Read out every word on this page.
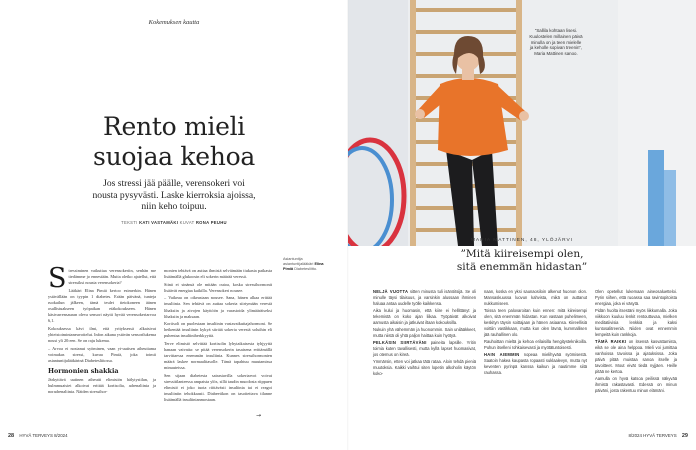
Kokemuksen kautta
Rento mieli
suojaa kehoa
Jos stressi jää päälle, verensokeri voi
nousta pysyvästi. Laske kierroksia ajoissa,
niin keho toipuu.
TEKSTI KATI VASTAMÄKI KUVAT RONA PEUHU

Stressiminen vaikuttaa verensokeriin, senhän me tiedämme jo ennestään. Mutta oletko ajatellut, että stressiksi nousta verensokeria?

Lääkäri Elina Pimiä kertoo esimerkin. Hänen ystävällään on tyypin 1 diabetes. Erään päivänä, tunteja ruokailun jälkeen, tämä teulet tietokoneen äänen osallistuakseen työpaikan etäkokoukseen. Hänen käsivarrensauran oleva sensori näytti hyvää verensokeriarvoa 6,1.

Kokouksessa kävi ilmi, että yrityksessä alkaisivat yhteistoimintaneuvottelut. Infon aikana ystävän sensorilukema nousi yli 20:een. Se on raju lukema.

– Arvoa ei nostanut syöminen, vaan yt-uutisen aiheuttama voimakas stressi, kuvaa Pimiä, joka toimii asiantuntijalääkärinä Diabetesliitossa.

Hormonien shakkia

Järkyttävä uutinen aiheutti elimistön hälytystilan, ja hulmmuaisiet alkoivat erittää kortisolia, adrenaliinia ja noradrenaliinia. Näiden stressihor-

monien tehtävä on auttaa ihmistä selviämään tiukasta paikasta lisäämällä glukoosin eli sokerin määrää veressä.

Siinä ei sinänsä ole mitään outoa, koska stressihormonit lisäävät energiaa kaikilla. Verensokeri nousee.

– Vaikeaa on oikeastaan nousee. Sana, hänen alkaa erittää insuliinia. Sen tehtävä on auttaa sokeria siirtymään verestä lihaksiin ja aivojen käyttöön ja varastoida ylimääräiseksi lihaksiin ja maksaan.

Kortisoli on puolestaan insuliinin vastavaikuttajahormoni. Se heikentää insuliinin kykyä siirtää sokeria verestä soluihin eli puhentaa insuliiniherkkyyttä.

Terve elimistö selvittää kortisolin lyhytaikaisesta tyhjyyttä hanaan vaivatta: se pitää verensokerin tasaisena erittämällä tarvittaessa enemmän insuliinia. Kunnes stressihormonien määrä laskee normaalitasolle. Tämä tapahtuu muutamissa minuuteissa.

Sen sijaan diabetesta sairastavilla sokeriarvot voivat stressitilanteessa ampaista ylös, sillä taudin muodosta riippuen elimistö ei joko tuota riittävästi insuliinia tai ei reagoi insuliiniin tehokkaasti. Diabeetikon on tasoitettava tilanne lisäämällä insuliinianmostaan.

Asiantuntija asiantuntijalääkäri Elina Pimiä Diabetesliitto.
→
28 HYVÄ TERVEYS 8/2024
”Sallila kohtaan lisesi. Kuulostelen millainen päivä minulla on ja teen mielelle ja keholle sopivan treenin”, Maria Mattinen sanoo.
MARIA MATTINEN, 48, YLÖJÄRVI
”Mitä kiireisempi olen,
sitä enemmän hidastan”

NELJÄ VUOTTA sitten minusta tuli isänöitsijä. Se oli minulle täysi tilaisuus, ja varsinkin alussaan ihminen haluaa antaa uudelle työlle kaikkensa.

Aika kului ja huomasin, että kiire ei hellittänyt ja tekemistä on koko ajan liikaa. Työpäivät alkoivat aamusta aikaisin ja jatkuivat iltaan kokouksilla.

Nukuin yhä vähemmän ja huonommin. Sain unilääkkeet, mutta niistä oli yhtä paljon haittaa kuin hyötyä.

PELKÄSIN SIIRTÄVÄNI paineita lapsille. Yritin toimia kuten tavallisesti, mutta kyllä lapset huomasivat, jos otemus on kireä.

Ymmärsin, etten voi jatkaa tätä rataa. Aloin tehdä pieniä muutoksia. Kaikki vaihtui siten lopetin alkoholin käytön koko-

naan, koska en yksi saunaosiloin alkenut huonon olon. Mansaskuussa luovun kahvista, mikä on auttanut nukkumiseen.

Toissa teen palovaroitan kuin ennen: mitä kiireisempi olen, sitä enemmän hidastan. Kun vastaan puhelimeen, keskityn täysin soittajaan ja hänen asiaansa. Kiireellisiä voittiin vastikkaan, mutta kun olen lävnä, kummallisen jää rauhallinen olo.

Rauhoittan mieltä ja kehoa erilaisilla hengitysteknikoilla. Puhun itselleni rohkaisevasti ja myötätuntoisesti.

HAIN AIEMMIN nopeaa mielihyvää syömisestä. Saatoin hakea kaupasta ropaasti suklaalevyn, mutta nyt keventen pyrinpä kanssa kaikun ja nautimme siitä rauhassa.

Olen opetellut lukemaan aineosaluetteloi. Pyrin siihen, että ruoassa saa ravintopitoista energiaa, joka ei väsytä.

Pidän huolta itsestäni myös liikkumalla. Joka viikkoon kuuluu lenkit rentouttuvaa, mielken meditatiivisia lenkkiä ja kaksi kuntosalitreeniä. Niiden ovat ennemmin lempeitä kuin rankkoja.

TÄMÄ RAIKKI on itsensä kasvattamista, eikä se ole aina helppoa. Mieli voi jumittaa vanhoissa tavoissa ja ajatuksissa. Joka päivä pitää muistaa sanoa itselle ja tavoitteet. Mout eivät tiedä nyjjäen. Heille pitää ne kertoa.

Aamulla on hyvä katsoa peilissä näkyvää ihmistä rakastavasti. Edessä on minun päiväni, josta rakentuu minun elämäni.

8/2024 HYVÄ TERVEYS 29
